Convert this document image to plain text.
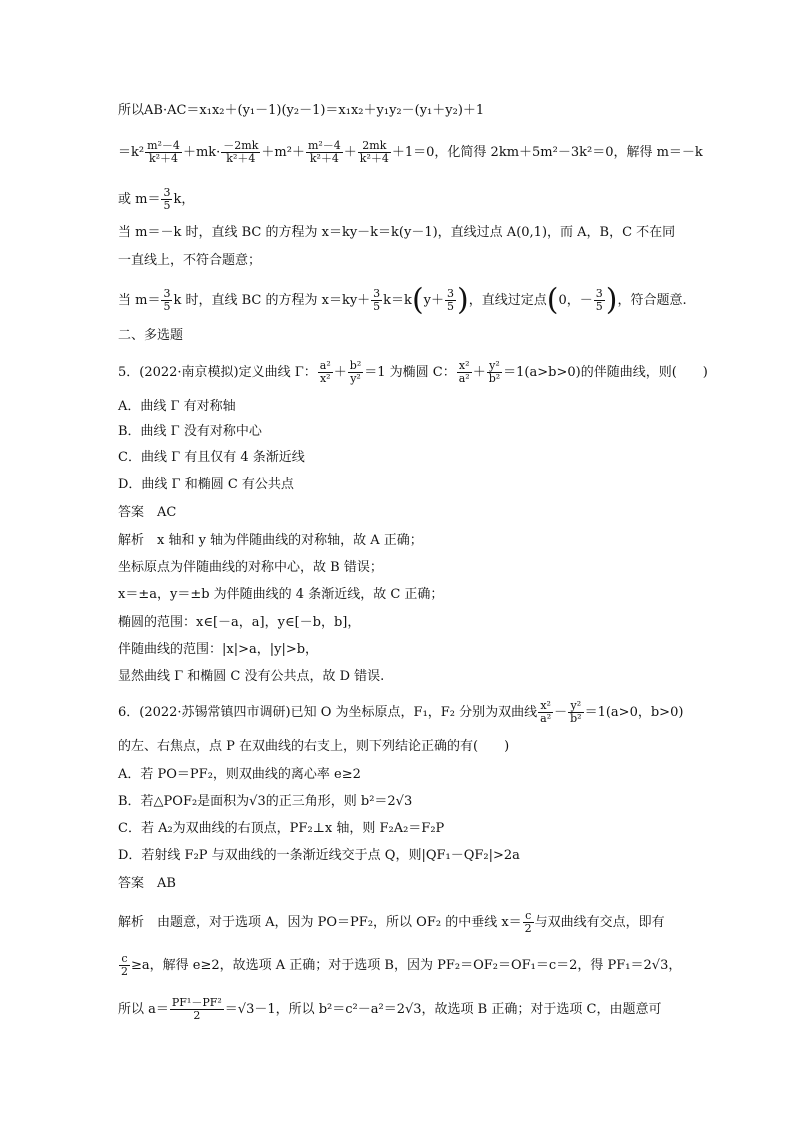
所以AB·AC＝x₁x₂＋(y₁－1)(y₂－1)＝x₁x₂＋y₁y₂－(y₁＋y₂)＋1
$=k^2 \frac{\text{m²－4}}{\text{k²＋4}} +mk\cdot \frac{-2mk}{\text{k²＋4}} +m^2+ \frac{\text{m²－4}}{\text{k²＋4}} + \frac{2mk}{\text{k²＋4}} +1=0$，化简得 2km＋5m²－3k²＝0，解得 m＝－k
或 $m= \frac{3}{5}$ k，
当 m＝－k 时，直线 BC 的方程为 x＝ky－k＝k(y－1)，直线过点 A(0,1)，而 A，B，C 不在同
一直线上，不符合题意；
当 $m= \frac{3}{5}$ k 时，直线 BC 的方程为 $x=ky+ \frac{3}{5} k=k(y+ \frac{3}{5}$ )，直线过定点(0，－ $\frac{3}{5}$ )，符合题意.
二、多选题
5．(2022·南京模拟)定义曲线 Γ： $\frac{\text{a²}}{\text{x²}} + \frac{\text{b²}}{\text{y²}} =1$ 为椭圆 C： $\frac{\text{x²}}{\text{a²}} + \frac{\text{y²}}{\text{b²}} =1(a>b>0)$的伴随曲线，则(　　)
A．曲线 Γ 有对称轴
B．曲线 Γ 没有对称中心
C．曲线 Γ 有且仅有 4 条渐近线
D．曲线 Γ 和椭圆 C 有公共点
答案　AC
解析　x 轴和 y 轴为伴随曲线的对称轴，故 A 正确；
坐标原点为伴随曲线的对称中心，故 B 错误；
x＝±a，y＝±b 为伴随曲线的 4 条渐近线，故 C 正确；
椭圆的范围：x∈[－a，a]，y∈[－b，b]，
伴随曲线的范围：|x|>a，|y|>b，
显然曲线 Γ 和椭圆 C 没有公共点，故 D 错误.
6．(2022·苏锡常镇四市调研)已知 O 为坐标原点，F₁，F₂ 分别为双曲线 $\frac{\text{x²}}{\text{a²}} - \frac{\text{y²}}{\text{b²}} =1(a>0$，b>0)
的左、右焦点，点 P 在双曲线的右支上，则下列结论正确的有(　　)
A．若 PO＝PF₂，则双曲线的离心率 e≥2
B．若△POF₂是面积为√3的正三角形，则 b²＝2√3
C．若 A₂为双曲线的右顶点，PF₂⊥x 轴，则 F₂A₂＝F₂P
D．若射线 F₂P 与双曲线的一条渐近线交于点 Q，则|QF₁－QF₂|>2a
答案　AB
解析　由题意，对于选项 A，因为 PO＝PF₂，所以 OF₂ 的中垂线 $x= \frac{c}{2}$ 与双曲线有交点，即有
$\frac{c}{2} \ge a$，解得 e≥2，故选项 A 正确；对于选项 B，因为 PF₂＝OF₂＝OF₁＝c＝2，得 PF₁＝2√3，
所以 $a= \frac{\text{PF¹－PF²}}{2} =√3-1$，所以 b²＝c²－a²＝2√3，故选项 B 正确；对于选项 C，由题意可
